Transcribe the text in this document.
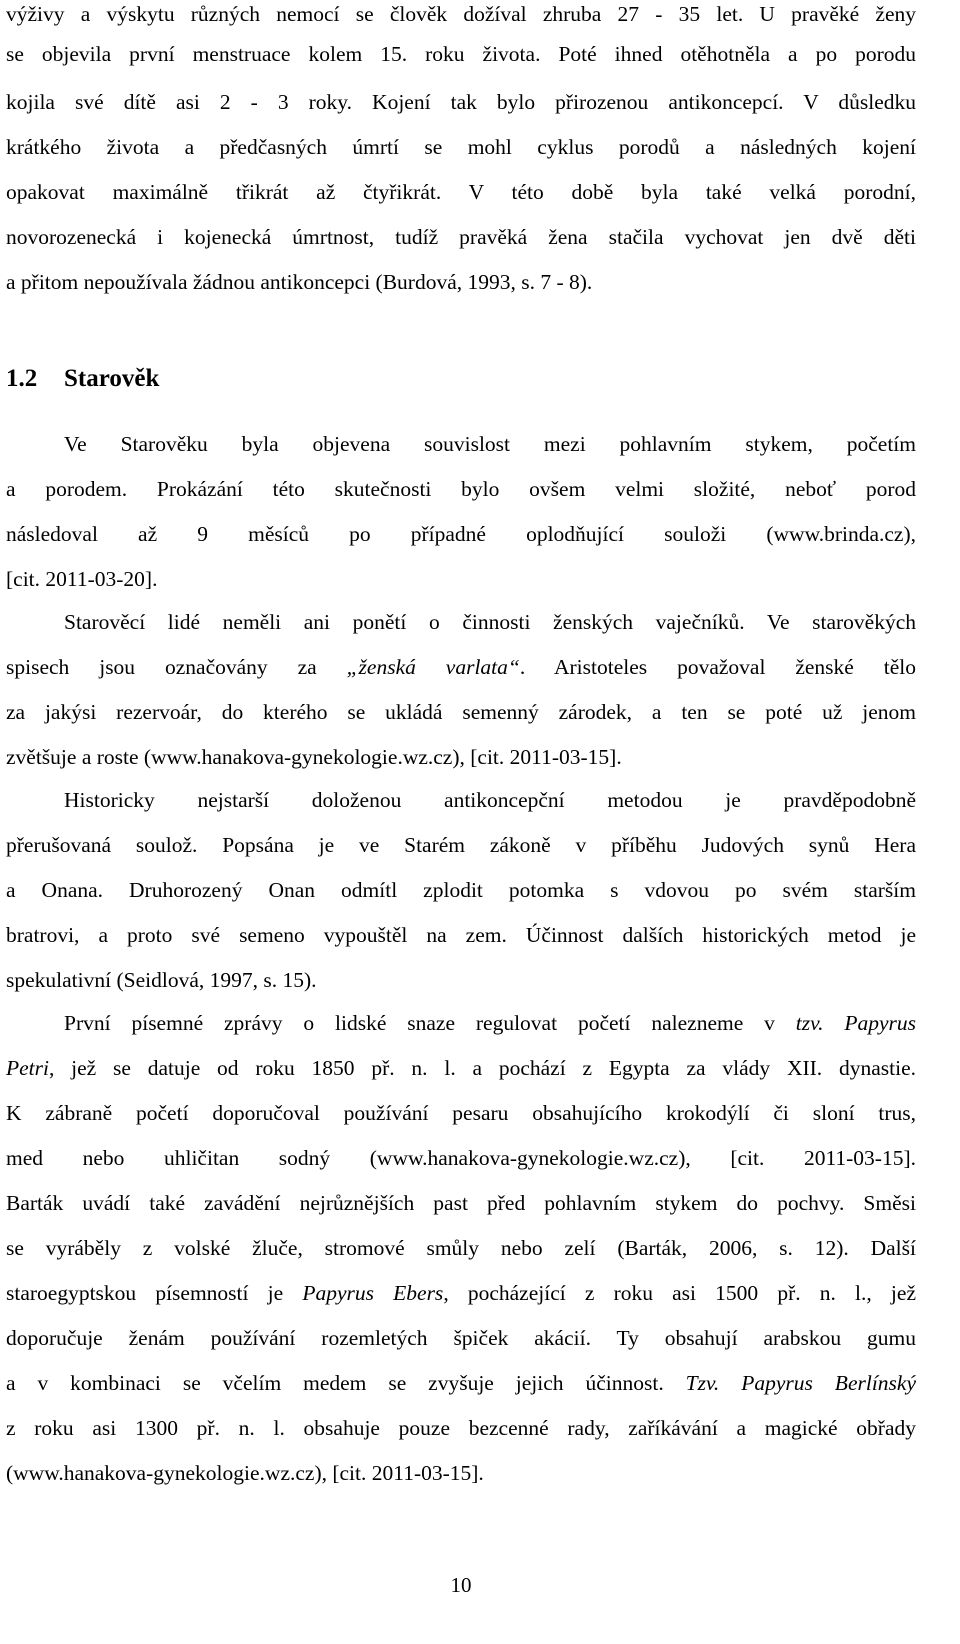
výživy a výskytu různých nemocí se člověk dožíval zhruba 27 - 35 let. U pravěké ženy
se objevila první menstruace kolem 15. roku života. Poté ihned otěhotněla a po porodu
kojila své dítě asi 2 - 3 roky. Kojení tak bylo přirozenou antikoncepcí. V důsledku
krátkého života a předčasných úmrtí se mohl cyklus porodů a následných kojení
opakovat maximálně třikrát až čtyřikrát. V této době byla také velká porodní,
novorozenecká i kojenecká úmrtnost, tudíž pravěká žena stačila vychovat jen dvě děti
a přitom nepoužívala žádnou antikoncepci (Burdová, 1993, s. 7 - 8).
1.2 Starověk
Ve Starověku byla objevena souvislost mezi pohlavním stykem, početím
a porodem. Prokázání této skutečnosti bylo ovšem velmi složité, neboť porod
následoval až 9 měsíců po případné oplodňující souloži (www.brinda.cz),
[cit. 2011-03-20].
Starověcí lidé neměli ani ponětí o činnosti ženských vaječníků. Ve starověkých
spisech jsou označovány za „ženská varlata“. Aristoteles považoval ženské tělo
za jakýsi rezervoár, do kterého se ukládá semenný zárodek, a ten se poté už jenom
zvětšuje a roste (www.hanakova-gynekologie.wz.cz), [cit. 2011-03-15].
Historicky nejstarší doloženou antikoncepční metodou je pravděpodobně
přerušovaná soulož. Popsána je ve Starém zákoně v příběhu Judových synů Hera
a Onana. Druhorozený Onan odmítl zplodit potomka s vdovou po svém starším
bratrovi, a proto své semeno vypouštěl na zem. Účinnost dalších historických metod je
spekulativní (Seidlová, 1997, s. 15).
První písemné zprávy o lidské snaze regulovat početí nalezneme v tzv. Papyrus
Petri, jež se datuje od roku 1850 př. n. l. a pochází z Egypta za vlády XII. dynastie.
K zábraně početí doporučoval používání pesaru obsahujícího krokodýlí či sloní trus,
med nebo uhličitan sodný (www.hanakova-gynekologie.wz.cz), [cit. 2011-03-15].
Barták uvádí také zavádění nejrůznějších past před pohlavním stykem do pochvy. Směsi
se vyráběly z volské žluče, stromové smůly nebo zelí (Barták, 2006, s. 12). Další
staroegyptskou písemností je Papyrus Ebers, pocházející z roku asi 1500 př. n. l., jež
doporučuje ženám používání rozemletých špiček akácií. Ty obsahují arabskou gumu
a v kombinaci se včelím medem se zvyšuje jejich účinnost. Tzv. Papyrus Berlínský
z roku asi 1300 př. n. l. obsahuje pouze bezcenné rady, zaříkávání a magické obřady
(www.hanakova-gynekologie.wz.cz), [cit. 2011-03-15].
10
